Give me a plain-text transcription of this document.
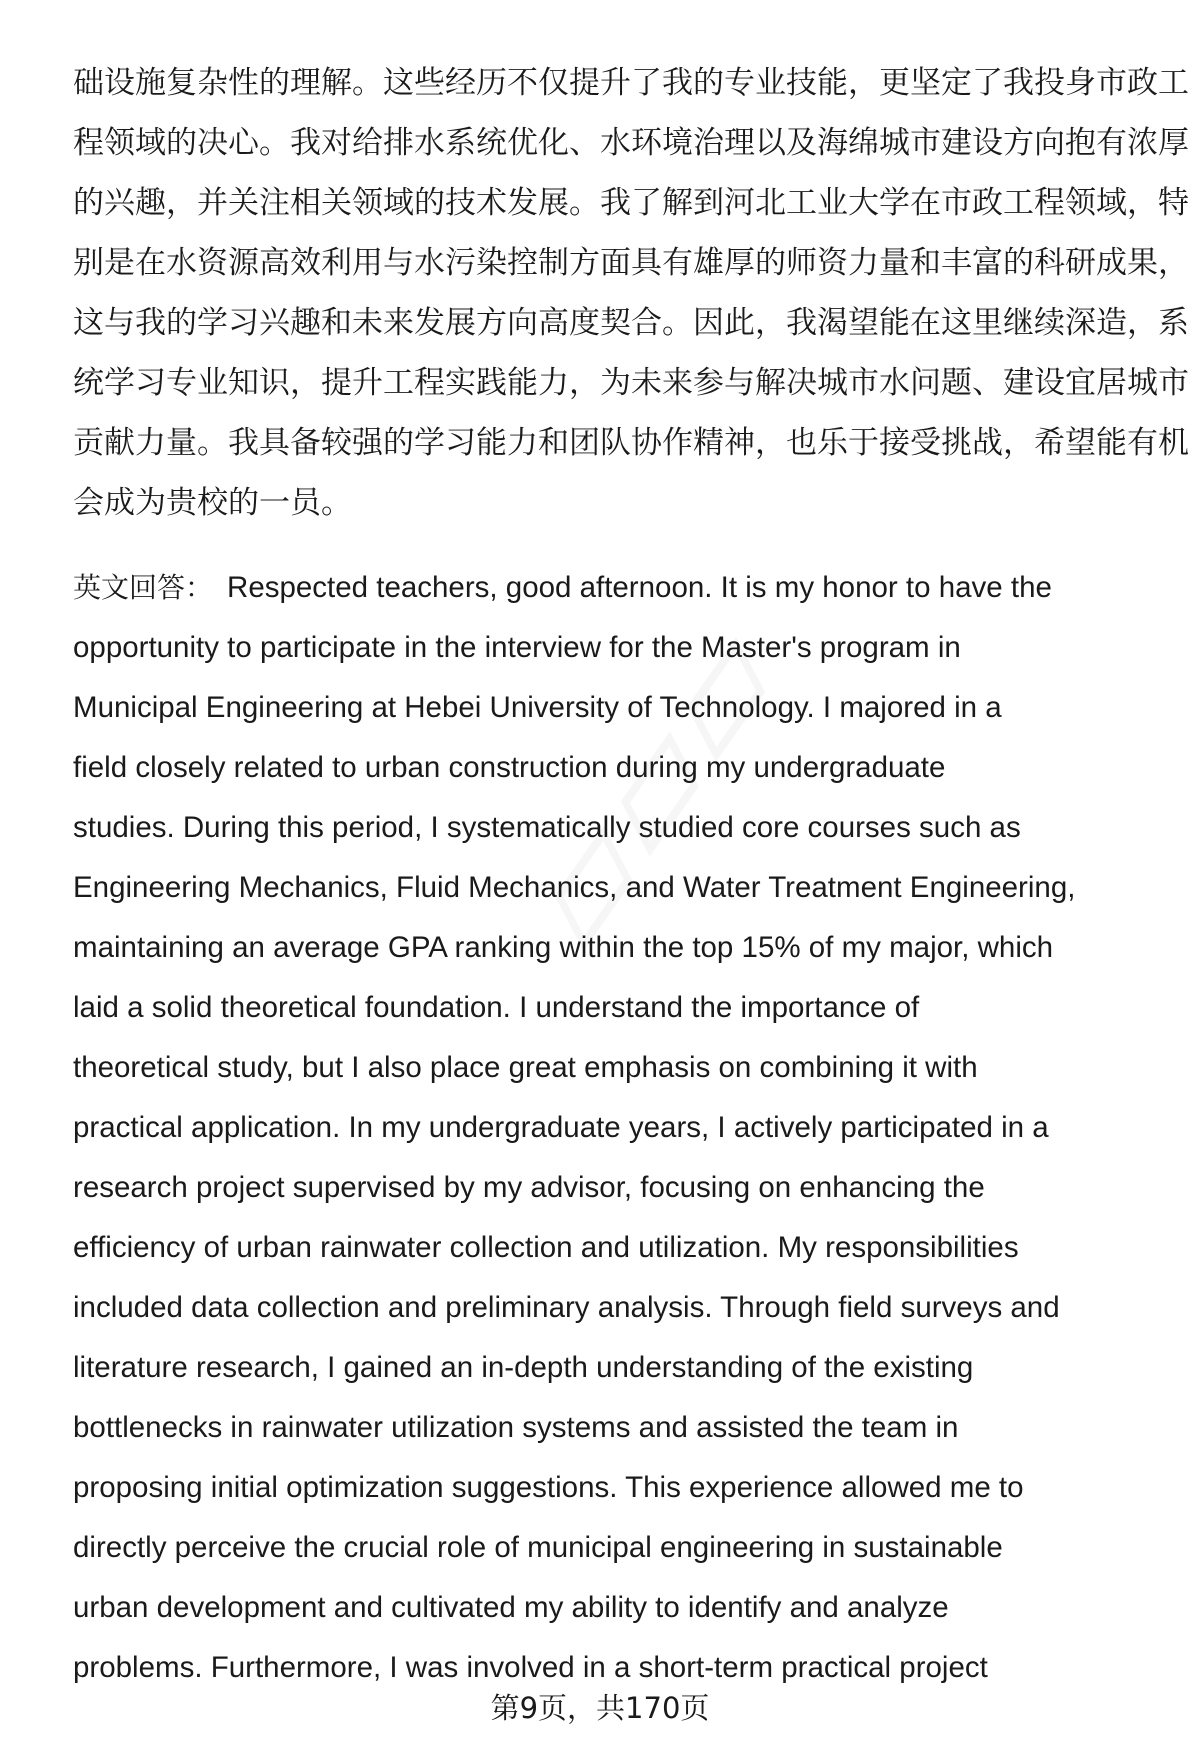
础设施复杂性的理解。这些经历不仅提升了我的专业技能，更坚定了我投身市政工
程领域的决心。我对给排水系统优化、水环境治理以及海绵城市建设方向抱有浓厚
的兴趣，并关注相关领域的技术发展。我了解到河北工业大学在市政工程领域，特
别是在水资源高效利用与水污染控制方面具有雄厚的师资力量和丰富的科研成果，
这与我的学习兴趣和未来发展方向高度契合。因此，我渴望能在这里继续深造，系
统学习专业知识，提升工程实践能力，为未来参与解决城市水问题、建设宜居城市
贡献力量。我具备较强的学习能力和团队协作精神，也乐于接受挑战，希望能有机
会成为贵校的一员。
英文回答： Respected teachers, good afternoon. It is my honor to have the
opportunity to participate in the interview for the Master's program in
Municipal Engineering at Hebei University of Technology. I majored in a
field closely related to urban construction during my undergraduate
studies. During this period, I systematically studied core courses such as
Engineering Mechanics, Fluid Mechanics, and Water Treatment Engineering,
maintaining an average GPA ranking within the top 15% of my major, which
laid a solid theoretical foundation. I understand the importance of
theoretical study, but I also place great emphasis on combining it with
practical application. In my undergraduate years, I actively participated in a
research project supervised by my advisor, focusing on enhancing the
efficiency of urban rainwater collection and utilization. My responsibilities
included data collection and preliminary analysis. Through field surveys and
literature research, I gained an in-depth understanding of the existing
bottlenecks in rainwater utilization systems and assisted the team in
proposing initial optimization suggestions. This experience allowed me to
directly perceive the crucial role of municipal engineering in sustainable
urban development and cultivated my ability to identify and analyze
problems. Furthermore, I was involved in a short-term practical project
第9页，共170页
